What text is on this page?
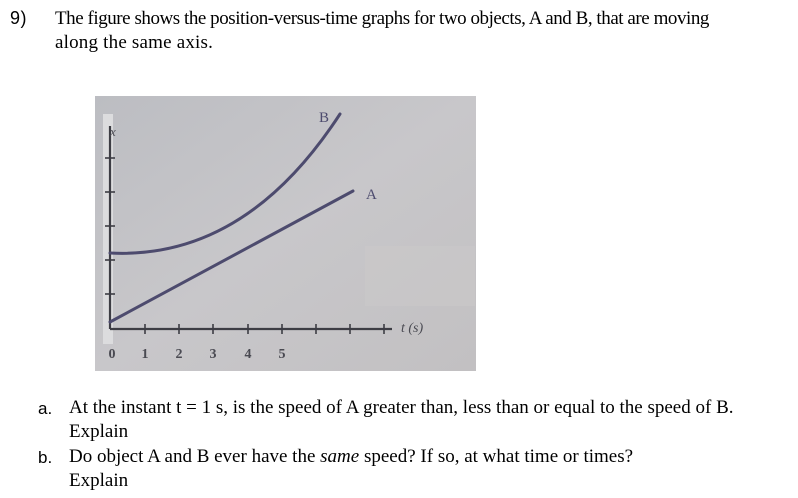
9) The figure shows the position-versus-time graphs for two objects, A and B, that are moving
along the same axis.
x
0 1 2 3 4 5
t (s)
A
B
a. At the instant t = 1 s, is the speed of A greater than, less than or equal to the speed of B.
Explain
b. Do object A and B ever have the same speed? If so, at what time or times?
Explain
